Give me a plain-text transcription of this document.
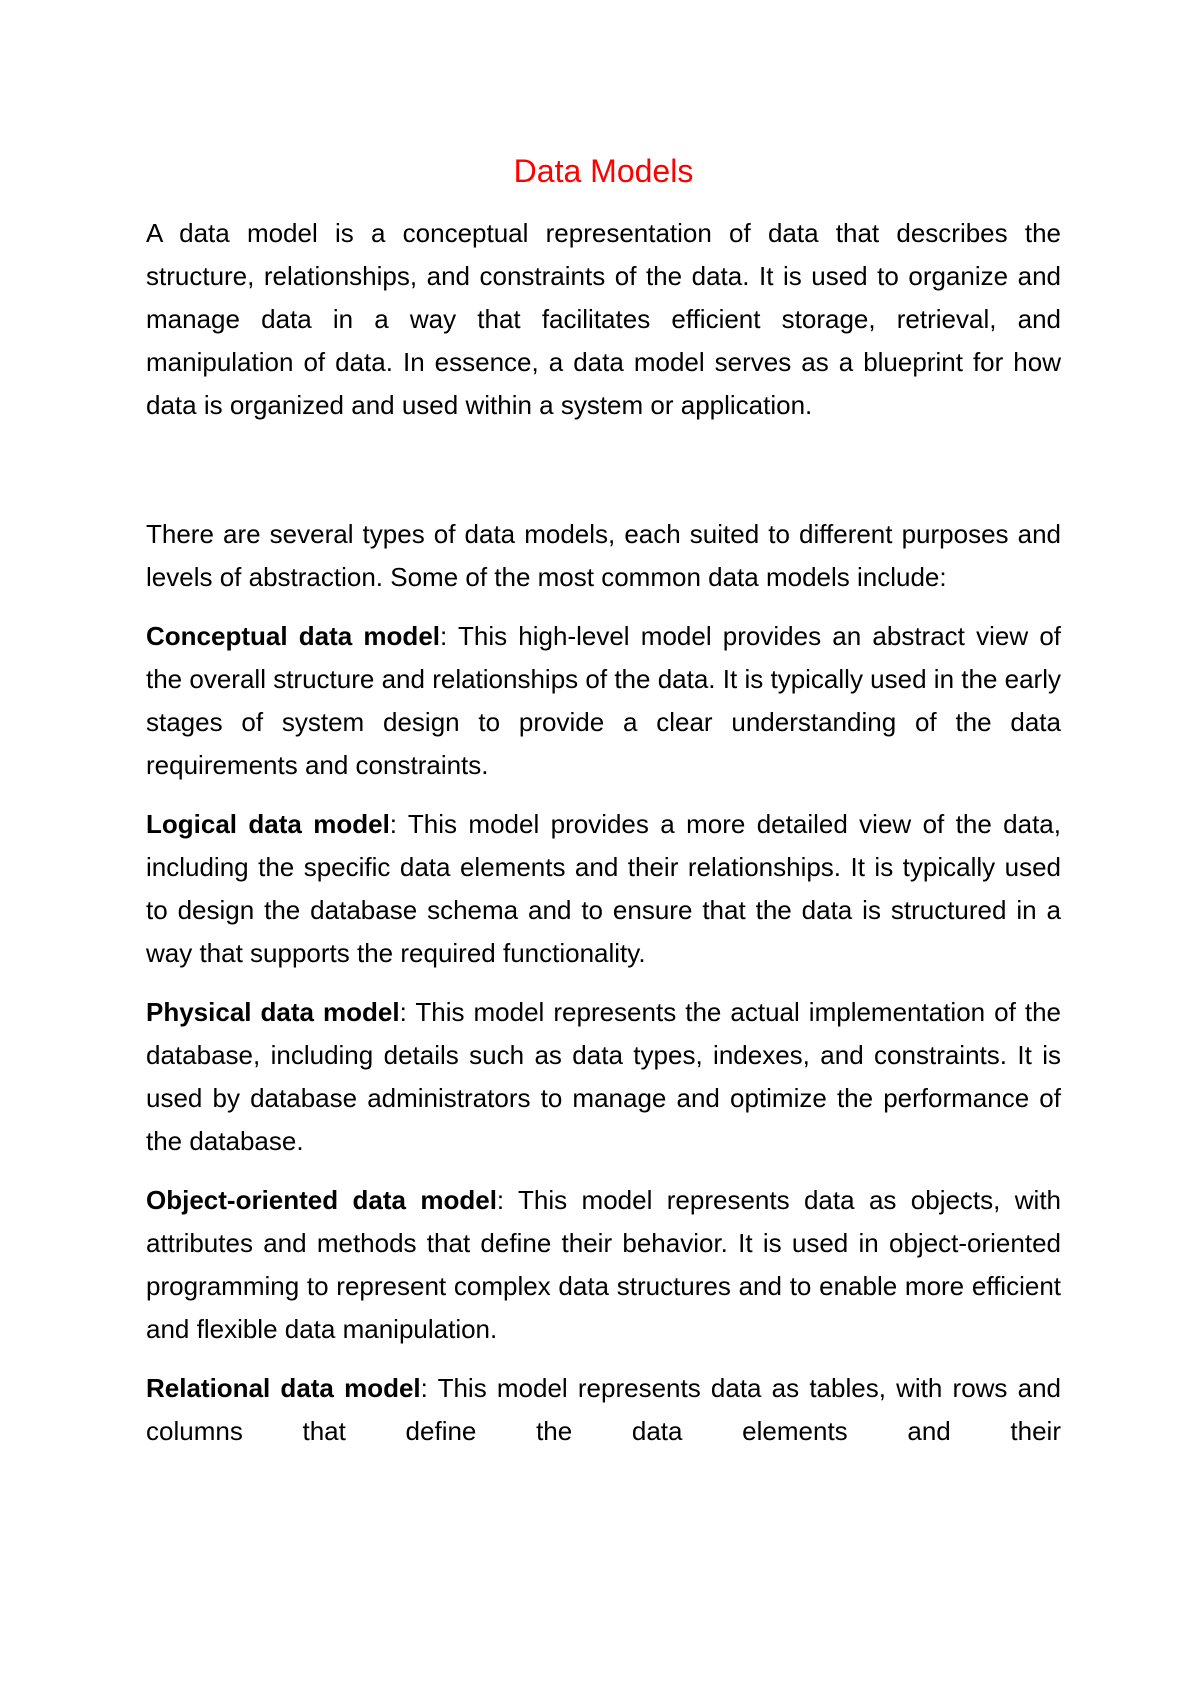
Data Models

A data model is a conceptual representation of data that describes the structure, relationships, and constraints of the data. It is used to organize and manage data in a way that facilitates efficient storage, retrieval, and manipulation of data. In essence, a data model serves as a blueprint for how data is organized and used within a system or application.

There are several types of data models, each suited to different purposes and levels of abstraction. Some of the most common data models include:

Conceptual data model: This high-level model provides an abstract view of the overall structure and relationships of the data. It is typically used in the early stages of system design to provide a clear understanding of the data requirements and constraints.

Logical data model: This model provides a more detailed view of the data, including the specific data elements and their relationships. It is typically used to design the database schema and to ensure that the data is structured in a way that supports the required functionality.

Physical data model: This model represents the actual implementation of the database, including details such as data types, indexes, and constraints. It is used by database administrators to manage and optimize the performance of the database.

Object-oriented data model: This model represents data as objects, with attributes and methods that define their behavior. It is used in object-oriented programming to represent complex data structures and to enable more efficient and flexible data manipulation.

Relational data model: This model represents data as tables, with rows and columns that define the data elements and their
